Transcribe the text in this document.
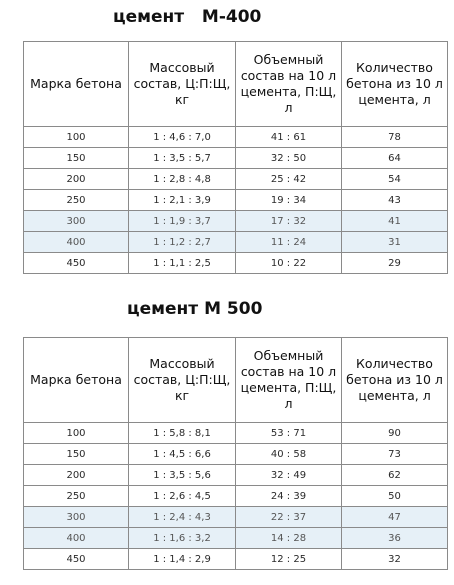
цемент   М-400
Марка бетона	Массовый состав, Ц:П:Щ, кг	Объемный состав на 10 л цемента, П:Щ, л	Количество бетона из 10 л цемента, л
100	1 : 4,6 : 7,0	41 : 61	78
150	1 : 3,5 : 5,7	32 : 50	64
200	1 : 2,8 : 4,8	25 : 42	54
250	1 : 2,1 : 3,9	19 : 34	43
300	1 : 1,9 : 3,7	17 : 32	41
400	1 : 1,2 : 2,7	11 : 24	31
450	1 : 1,1 : 2,5	10 : 22	29
цемент М 500
Марка бетона	Массовый состав, Ц:П:Щ, кг	Объемный состав на 10 л цемента, П:Щ, л	Количество бетона из 10 л цемента, л
100	1 : 5,8 : 8,1	53 : 71	90
150	1 : 4,5 : 6,6	40 : 58	73
200	1 : 3,5 : 5,6	32 : 49	62
250	1 : 2,6 : 4,5	24 : 39	50
300	1 : 2,4 : 4,3	22 : 37	47
400	1 : 1,6 : 3,2	14 : 28	36
450	1 : 1,4 : 2,9	12 : 25	32
